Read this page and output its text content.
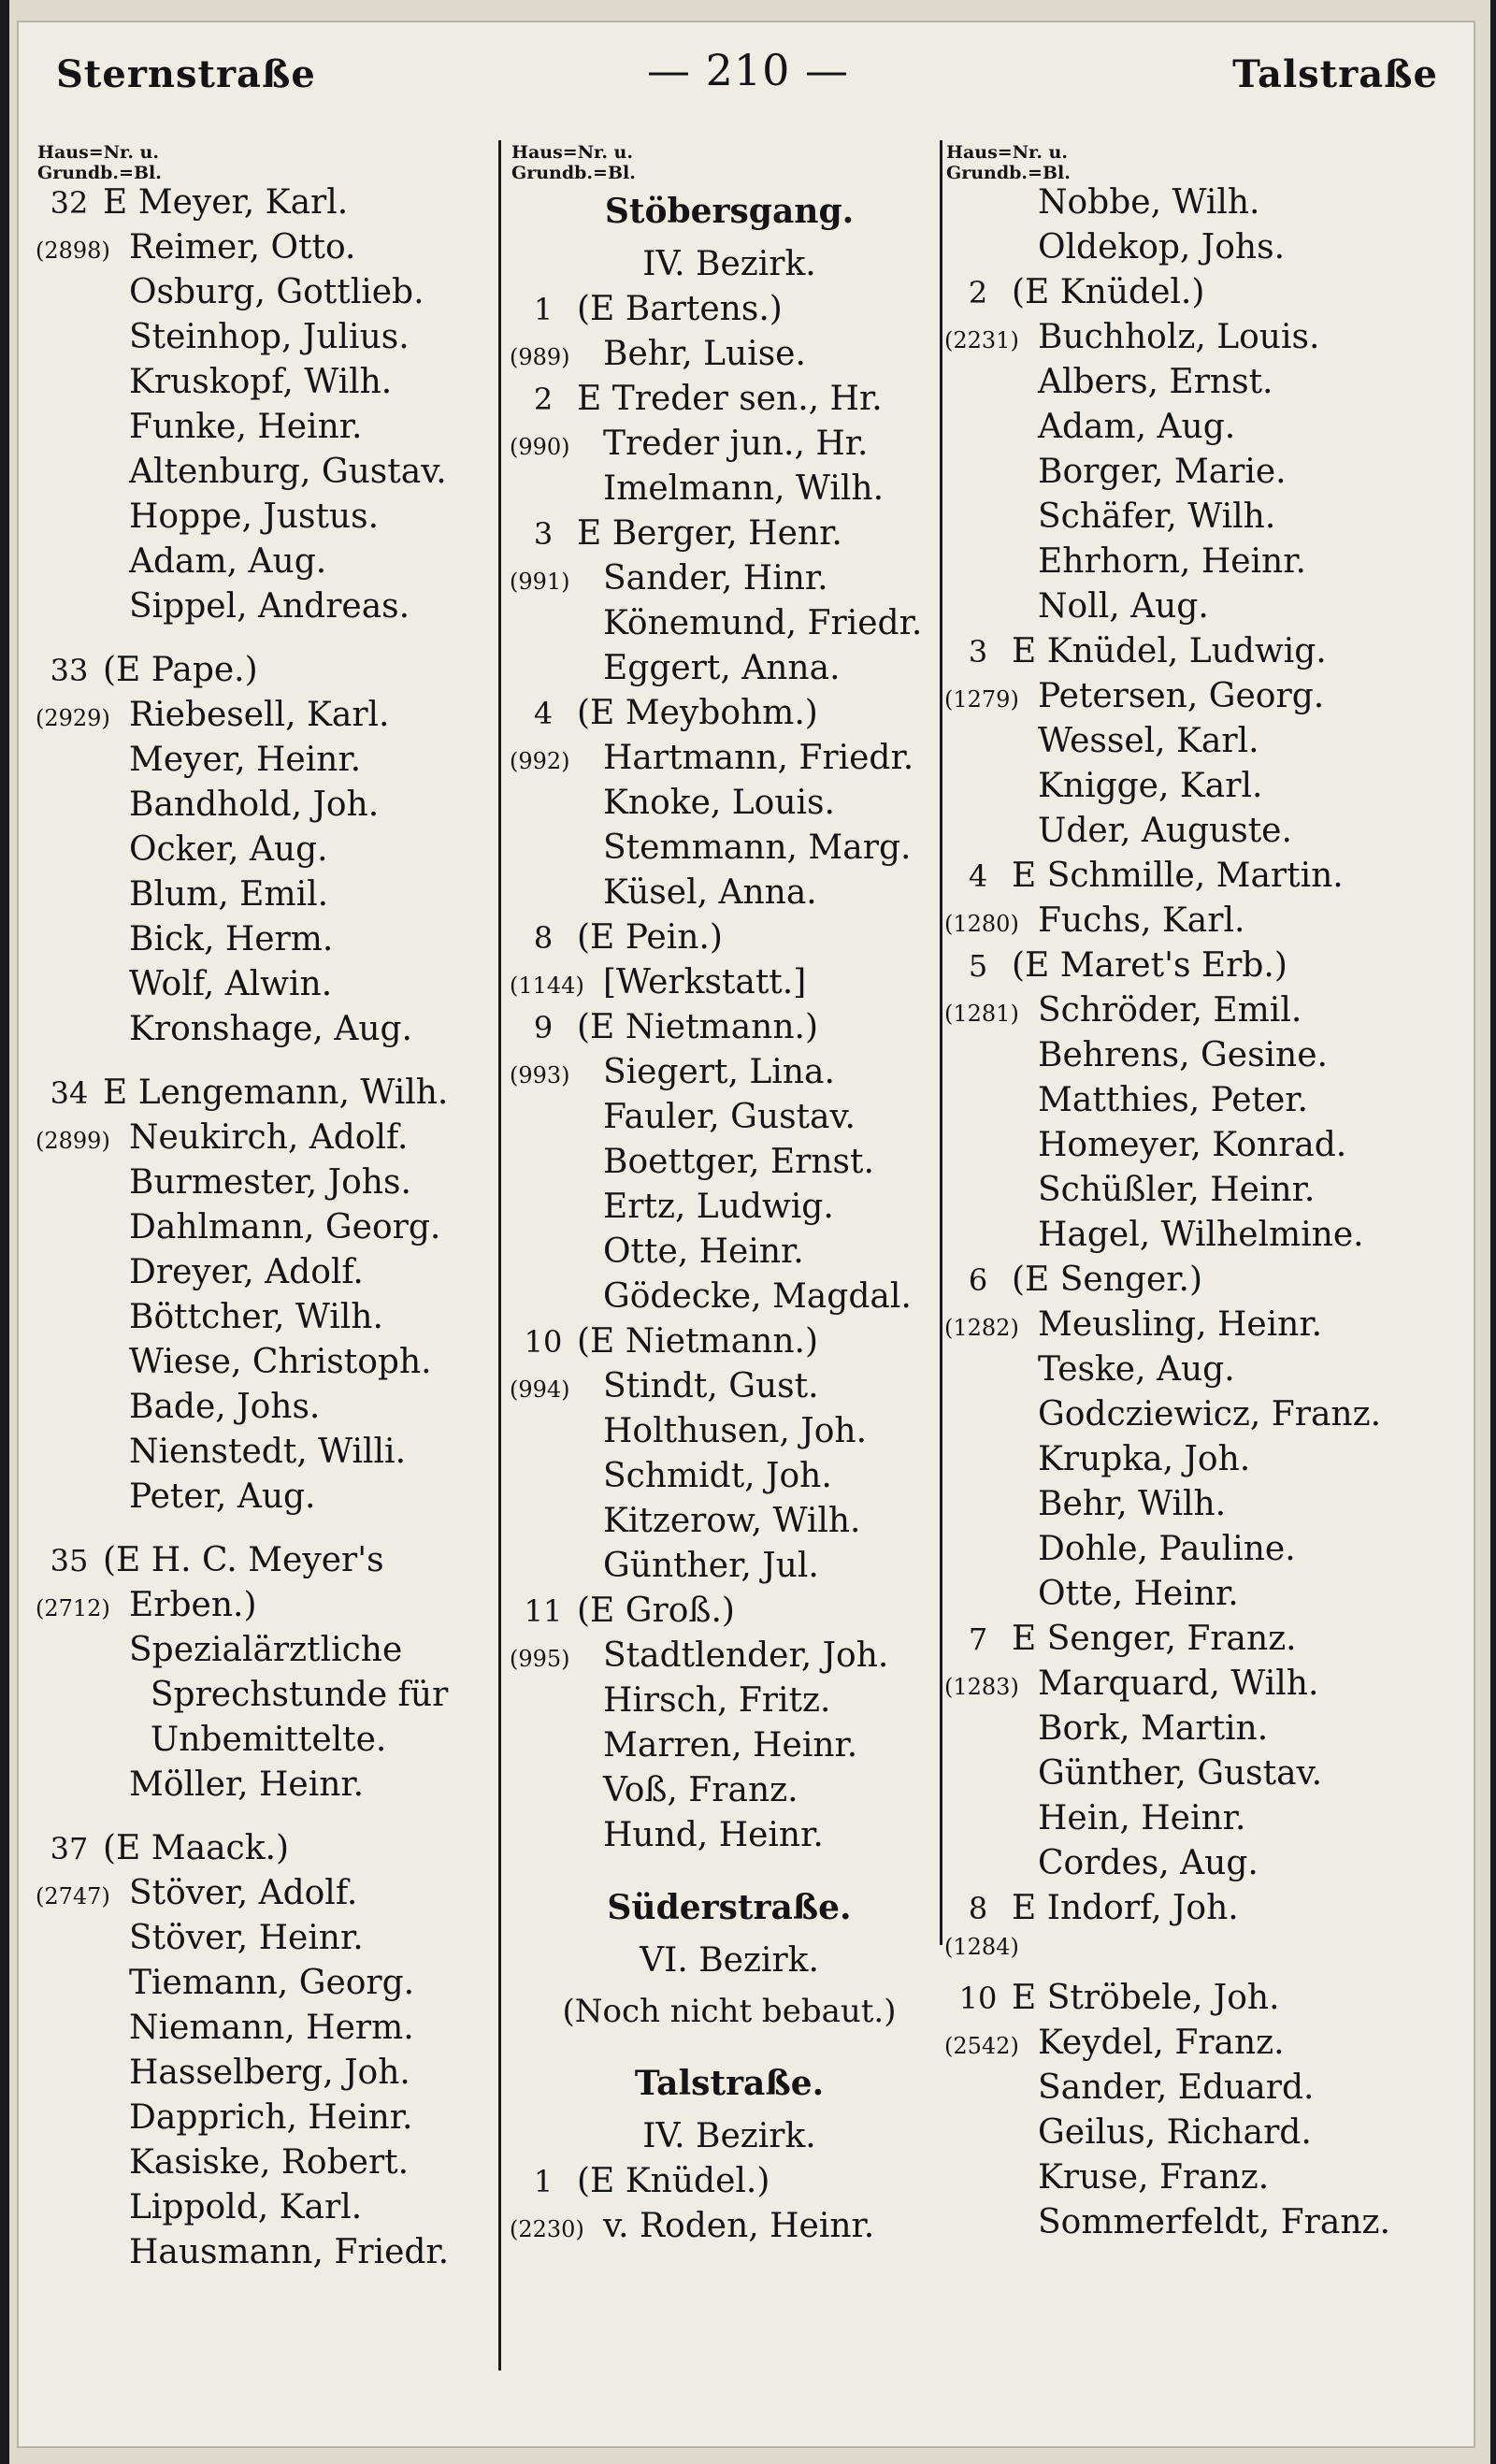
Sternstraße	— 210 —	Talstraße
Haus=Nr. u.
Grundb.=Bl.
32 E Meyer, Karl.
(2898) Reimer, Otto.
Osburg, Gottlieb.
Steinhop, Julius.
Kruskopf, Wilh.
Funke, Heinr.
Altenburg, Gustav.
Hoppe, Justus.
Adam, Aug.
Sippel, Andreas.
33 (E Pape.)
(2929) Riebesell, Karl.
Meyer, Heinr.
Bandhold, Joh.
Ocker, Aug.
Blum, Emil.
Bick, Herm.
Wolf, Alwin.
Kronshage, Aug.
34 E Lengemann, Wilh.
(2899) Neukirch, Adolf.
Burmester, Johs.
Dahlmann, Georg.
Dreyer, Adolf.
Böttcher, Wilh.
Wiese, Christoph.
Bade, Johs.
Nienstedt, Willi.
Peter, Aug.
35 (E H. C. Meyer's
(2712) Erben.)
Spezialärztliche
Sprechstunde für
Unbemittelte.
Möller, Heinr.
37 (E Maack.)
(2747) Stöver, Adolf.
Stöver, Heinr.
Tiemann, Georg.
Niemann, Herm.
Hasselberg, Joh.
Dapprich, Heinr.
Kasiske, Robert.
Lippold, Karl.
Hausmann, Friedr.
Haus=Nr. u.
Grundb.=Bl.
Stöbersgang.
IV. Bezirk.
1 (E Bartens.)
(989) Behr, Luise.
2 E Treder sen., Hr.
(990) Treder jun., Hr.
Imelmann, Wilh.
3 E Berger, Henr.
(991) Sander, Hinr.
Könemund, Friedr.
Eggert, Anna.
4 (E Meybohm.)
(992) Hartmann, Friedr.
Knoke, Louis.
Stemmann, Marg.
Küsel, Anna.
8 (E Pein.)
(1144) [Werkstatt.]
9 (E Nietmann.)
(993) Siegert, Lina.
Fauler, Gustav.
Boettger, Ernst.
Ertz, Ludwig.
Otte, Heinr.
Gödecke, Magdal.
10 (E Nietmann.)
(994) Stindt, Gust.
Holthusen, Joh.
Schmidt, Joh.
Kitzerow, Wilh.
Günther, Jul.
11 (E Groß.)
(995) Stadtlender, Joh.
Hirsch, Fritz.
Marren, Heinr.
Voß, Franz.
Hund, Heinr.
Süderstraße.
VI. Bezirk.
(Noch nicht bebaut.)
Talstraße.
IV. Bezirk.
1 (E Knüdel.)
(2230) v. Roden, Heinr.
Haus=Nr. u.
Grundb.=Bl.
Nobbe, Wilh.
Oldekop, Johs.
2 (E Knüdel.)
(2231) Buchholz, Louis.
Albers, Ernst.
Adam, Aug.
Borger, Marie.
Schäfer, Wilh.
Ehrhorn, Heinr.
Noll, Aug.
3 E Knüdel, Ludwig.
(1279) Petersen, Georg.
Wessel, Karl.
Knigge, Karl.
Uder, Auguste.
4 E Schmille, Martin.
(1280) Fuchs, Karl.
5 (E Maret's Erb.)
(1281) Schröder, Emil.
Behrens, Gesine.
Matthies, Peter.
Homeyer, Konrad.
Schüßler, Heinr.
Hagel, Wilhelmine.
6 (E Senger.)
(1282) Meusling, Heinr.
Teske, Aug.
Godcziewicz, Franz.
Krupka, Joh.
Behr, Wilh.
Dohle, Pauline.
Otte, Heinr.
7 E Senger, Franz.
(1283) Marquard, Wilh.
Bork, Martin.
Günther, Gustav.
Hein, Heinr.
Cordes, Aug.
8 E Indorf, Joh.
(1284)
10 E Ströbele, Joh.
(2542) Keydel, Franz.
Sander, Eduard.
Geilus, Richard.
Kruse, Franz.
Sommerfeldt, Franz.
